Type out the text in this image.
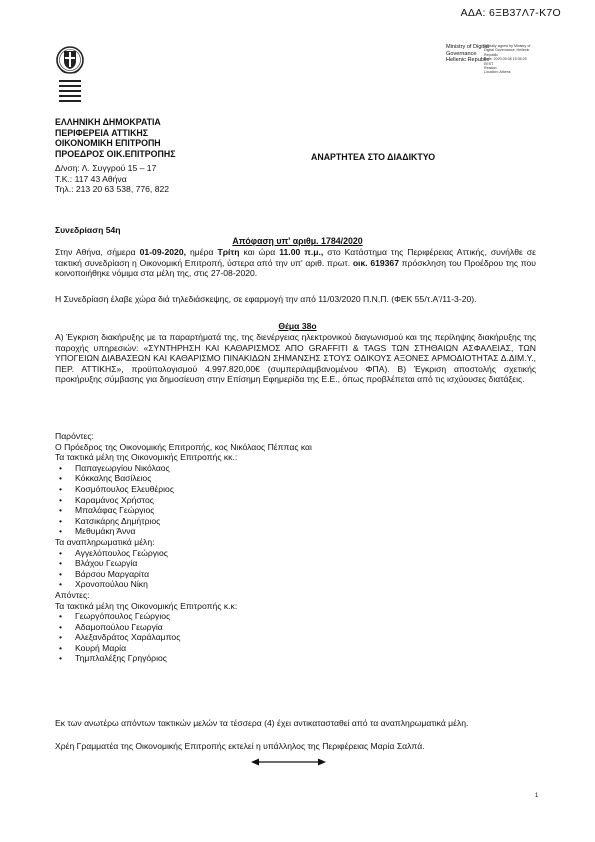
ΑΔΑ: 6ΞΒ37Λ7-Κ7Ο
Ministry of Digital
Governance
Hellenic Republic
Digitally signed by Ministry of
Digital Governance, Hellenic
Republic
Date: 2020.09.08 15:36:25
EEST
Reason:
Location: Athens
ΕΛΛΗΝΙΚΗ ΔΗΜΟΚΡΑΤΙΑ
ΠΕΡΙΦΕΡΕΙΑ ΑΤΤΙΚΗΣ
ΟΙΚΟΝΟΜΙΚΗ ΕΠΙΤΡΟΠΗ
ΠΡΟΕΔΡΟΣ ΟΙΚ.ΕΠΙΤΡΟΠΗΣ	ΑΝΑΡΤΗΤΕΑ ΣΤΟ ΔΙΑΔΙΚΤΥΟ
Δ/νση: Λ. Συγγρού 15 – 17
Τ.Κ.: 117 43 Αθήνα
Τηλ.: 213 20 63 538, 776, 822
Συνεδρίαση 54η
Απόφαση υπ' αριθμ. 1784/2020
Στην Αθήνα, σήμερα 01-09-2020, ημέρα Τρίτη και ώρα 11.00 π.μ., στο Κατάστημα της Περιφέρειας Αττικής, συνήλθε σε τακτική συνεδρίαση η Οικονομική Επιτροπή, ύστερα από την υπ' αριθ. πρωτ. οικ. 619367 πρόσκληση του Προέδρου της που κοινοποιήθηκε νόμιμα στα μέλη της, στις 27-08-2020.
Η Συνεδρίαση έλαβε χώρα διά τηλεδιάσκεψης, σε εφαρμογή την από 11/03/2020 Π.Ν.Π. (ΦΕΚ 55/τ.Α'/11-3-20).
Θέμα 38ο
Α) Έγκριση διακήρυξης με τα παραρτήματά της, της διενέργειας ηλεκτρονικού διαγωνισμού και της περίληψης διακήρυξης της παροχής υπηρεσιών: «ΣΥΝΤΗΡΗΣΗ ΚΑΙ ΚΑΘΑΡΙΣΜΟΣ ΑΠΟ GRAFFITI & TAGS ΤΩΝ ΣΤΗΘΑΙΩΝ ΑΣΦΑΛΕΙΑΣ, ΤΩΝ ΥΠΟΓΕΙΩΝ ΔΙΑΒΑΣΕΩΝ ΚΑΙ ΚΑΘΑΡΙΣΜΟ ΠΙΝΑΚΙΔΩΝ ΣΗΜΑΝΣΗΣ ΣΤΟΥΣ ΟΔΙΚΟΥΣ ΑΞΟΝΕΣ ΑΡΜΟΔΙΟΤΗΤΑΣ Δ.ΔΙΜ.Υ., ΠΕΡ. ΑΤΤΙΚΗΣ», προϋπολογισμού 4.997.820,00€ (συμπεριλαμβανομένου ΦΠΑ). Β) Έγκριση αποστολής σχετικής προκήρυξης σύμβασης για δημοσίευση στην Επίσημη Εφημερίδα της Ε.Ε., όπως προβλέπεται από τις ισχύουσες διατάξεις.
Παρόντες:
Ο Πρόεδρος της Οικονομικής Επιτροπής, κος Νικόλαος Πέππας και
Τα τακτικά μέλη της Οικονομικής Επιτροπής κκ.:
• Παπαγεωργίου Νικόλαος
• Κόκκαλης Βασίλειος
• Κοσμόπουλος Ελευθέριος
• Καραμάνος Χρήστος
• Μπαλάφας Γεώργιος
• Κατσικάρης Δημήτριος
• Μεθυμάκη Άννα
Τα αναπληρωματικά μέλη:
• Αγγελόπουλος Γεώργιος
• Βλάχου Γεωργία
• Βάρσου Μαργαρίτα
• Χρονοπούλου Νίκη
Απόντες:
Τα τακτικά μέλη της Οικονομικής Επιτροπής κ.κ:
• Γεωργόπουλος Γεώργιος
• Αδαμοπούλου Γεωργία
• Αλεξανδράτος Χαράλαμπος
• Κουρή Μαρία
• Τημπλαλέξης Γρηγόριος
Εκ των ανωτέρω απόντων τακτικών μελών τα τέσσερα (4) έχει αντικατασταθεί από τα αναπληρωματικά μέλη.
Χρέη Γραμματέα της Οικονομικής Επιτροπής εκτελεί η υπάλληλος της Περιφέρειας Μαρία Σαλπά.
1
